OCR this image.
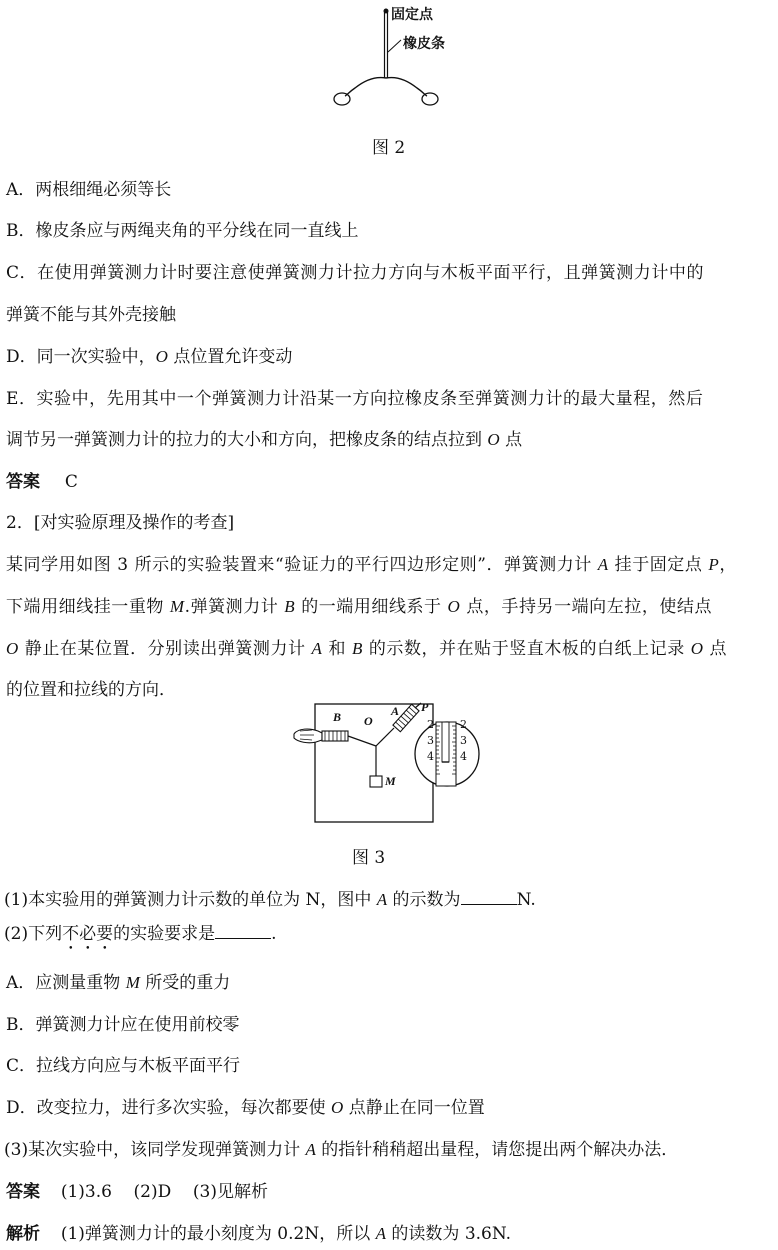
固定点
橡皮条
图 2
A．两根细绳必须等长
B．橡皮条应与两绳夹角的平分线在同一直线上
C．在使用弹簧测力计时要注意使弹簧测力计拉力方向与木板平面平行，且弹簧测力计中的
弹簧不能与其外壳接触
D．同一次实验中，O 点位置允许变动
E．实验中，先用其中一个弹簧测力计沿某一方向拉橡皮条至弹簧测力计的最大量程，然后
调节另一弹簧测力计的拉力的大小和方向，把橡皮条的结点拉到 O 点
答案 C
2．[对实验原理及操作的考查]
某同学用如图 3 所示的实验装置来“验证力的平行四边形定则”．弹簧测力计 A 挂于固定点 P，
下端用细线挂一重物 M.弹簧测力计 B 的一端用细线系于 O 点，手持另一端向左拉，使结点
O 静止在某位置．分别读出弹簧测力计 A 和 B 的示数，并在贴于竖直木板的白纸上记录 O 点
的位置和拉线的方向．
A P
B O
M
2
3
4
2
3
4
图 3
(1)本实验用的弹簧测力计示数的单位为 N，图中 A 的示数为	N.
(2)下列不必要的实验要求是	.
A．应测量重物 M 所受的重力
B．弹簧测力计应在使用前校零
C．拉线方向应与木板平面平行
D．改变拉力，进行多次实验，每次都要使 O 点静止在同一位置
(3)某次实验中，该同学发现弹簧测力计 A 的指针稍稍超出量程，请您提出两个解决办法．
答案 (1)3.6    (2)D    (3)见解析
解析 (1)弹簧测力计的最小刻度为 0.2N，所以 A 的读数为 3.6N.
